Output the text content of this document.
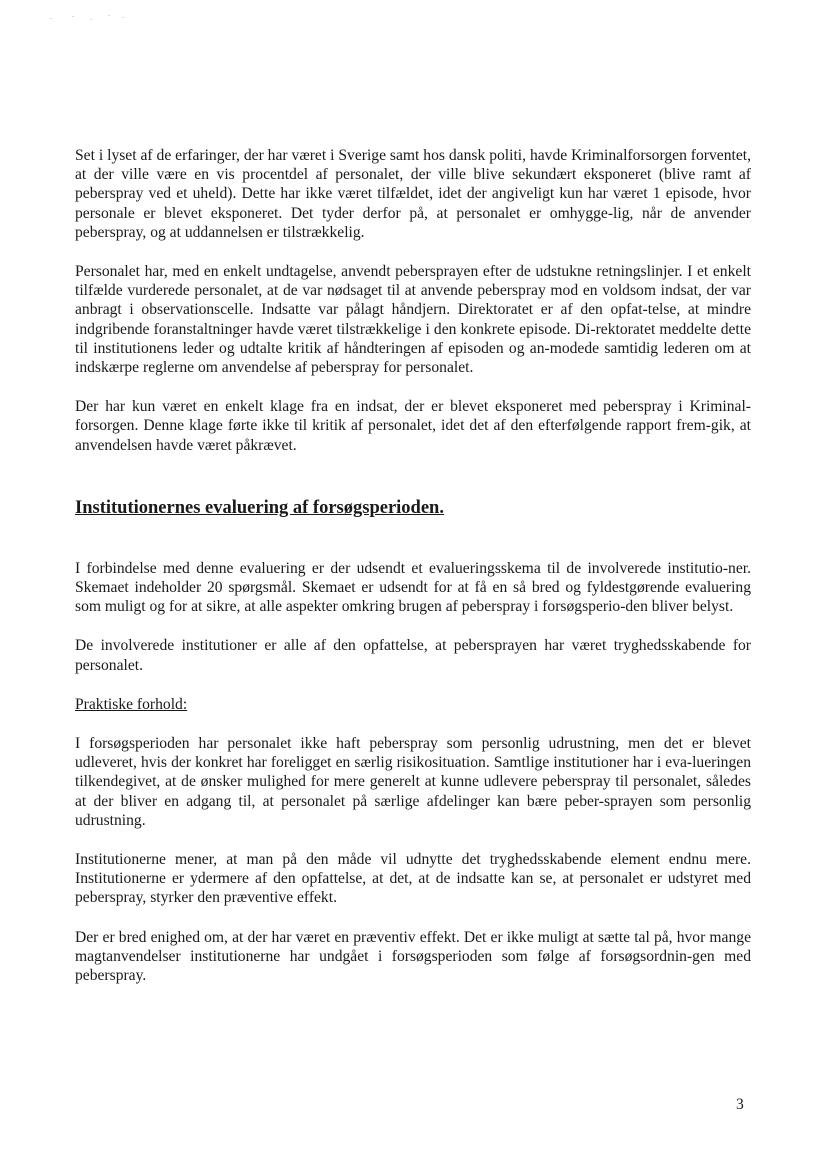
Set i lyset af de erfaringer, der har været i Sverige samt hos dansk politi, havde Kriminalforsorgen forventet, at der ville være en vis procentdel af personalet, der ville blive sekundært eksponeret (blive ramt af peberspray ved et uheld). Dette har ikke været tilfældet, idet der angiveligt kun har været 1 episode, hvor personale er blevet eksponeret. Det tyder derfor på, at personalet er omhygge-lig, når de anvender peberspray, og at uddannelsen er tilstrækkelig.

Personalet har, med en enkelt undtagelse, anvendt pebersprayen efter de udstukne retningslinjer. I et enkelt tilfælde vurderede personalet, at de var nødsaget til at anvende peberspray mod en voldsom indsat, der var anbragt i observationscelle. Indsatte var pålagt håndjern. Direktoratet er af den opfat-telse, at mindre indgribende foranstaltninger havde været tilstrækkelige i den konkrete episode. Di-rektoratet meddelte dette til institutionens leder og udtalte kritik af håndteringen af episoden og an-modede samtidig lederen om at indskærpe reglerne om anvendelse af peberspray for personalet.

Der har kun været en enkelt klage fra en indsat, der er blevet eksponeret med peberspray i Kriminal-forsorgen. Denne klage førte ikke til kritik af personalet, idet det af den efterfølgende rapport frem-gik, at anvendelsen havde været påkrævet.

Institutionernes evaluering af forsøgsperioden.

I forbindelse med denne evaluering er der udsendt et evalueringsskema til de involverede institutio-ner. Skemaet indeholder 20 spørgsmål. Skemaet er udsendt for at få en så bred og fyldestgørende evaluering som muligt og for at sikre, at alle aspekter omkring brugen af peberspray i forsøgsperio-den bliver belyst.

De involverede institutioner er alle af den opfattelse, at pebersprayen har været tryghedsskabende for personalet.

Praktiske forhold:

I forsøgsperioden har personalet ikke haft peberspray som personlig udrustning, men det er blevet udleveret, hvis der konkret har foreligget en særlig risikosituation. Samtlige institutioner har i eva-lueringen tilkendegivet, at de ønsker mulighed for mere generelt at kunne udlevere peberspray til personalet, således at der bliver en adgang til, at personalet på særlige afdelinger kan bære peber-sprayen som personlig udrustning.

Institutionerne mener, at man på den måde vil udnytte det tryghedsskabende element endnu mere. Institutionerne er ydermere af den opfattelse, at det, at de indsatte kan se, at personalet er udstyret med peberspray, styrker den præventive effekt.

Der er bred enighed om, at der har været en præventiv effekt. Det er ikke muligt at sætte tal på, hvor mange magtanvendelser institutionerne har undgået i forsøgsperioden som følge af forsøgsordnin-gen med peberspray.

3
